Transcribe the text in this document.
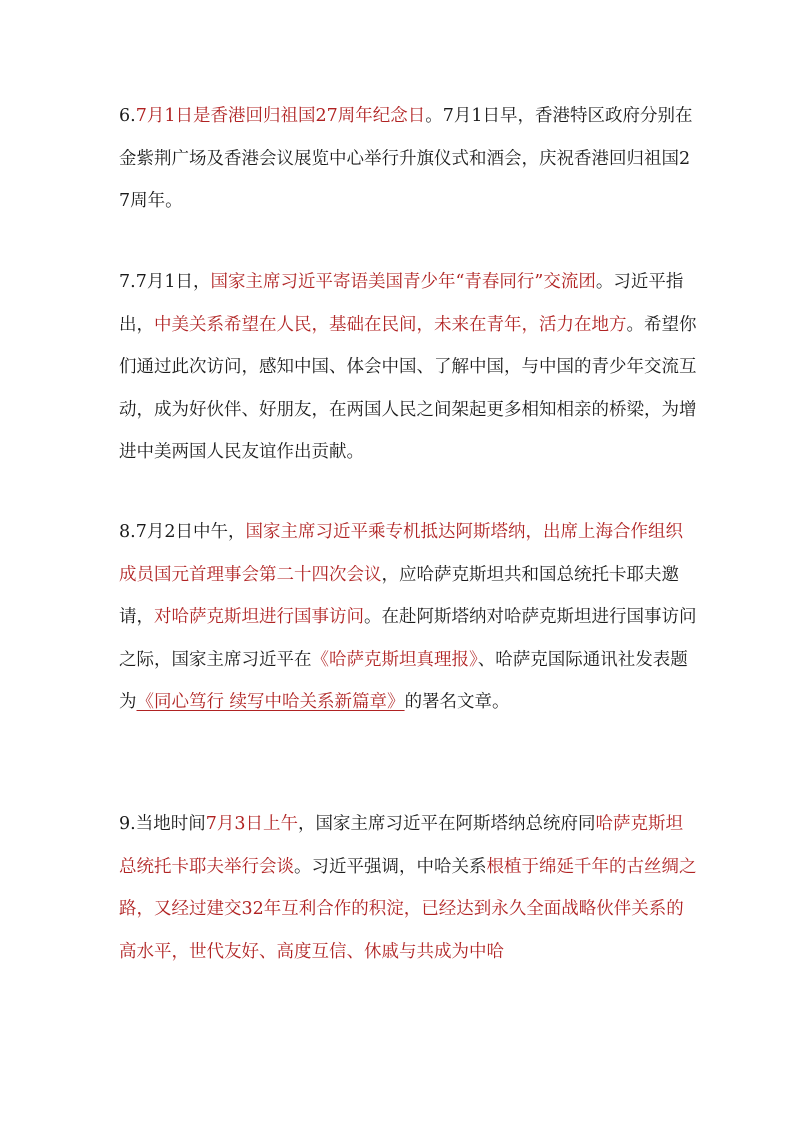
6.7月1日是香港回归祖国27周年纪念日。7月1日早，香港特区政府分别在金紫荆广场及香港会议展览中心举行升旗仪式和酒会，庆祝香港回归祖国27周年。
7.7月1日，国家主席习近平寄语美国青少年“青春同行”交流团。习近平指出，中美关系希望在人民，基础在民间，未来在青年，活力在地方。希望你们通过此次访问，感知中国、体会中国、了解中国，与中国的青少年交流互动，成为好伙伴、好朋友，在两国人民之间架起更多相知相亲的桥梁，为增进中美两国人民友谊作出贡献。
8.7月2日中午，国家主席习近平乘专机抵达阿斯塔纳，出席上海合作组织成员国元首理事会第二十四次会议，应哈萨克斯坦共和国总统托卡耶夫邀请，对哈萨克斯坦进行国事访问。在赴阿斯塔纳对哈萨克斯坦进行国事访问之际，国家主席习近平在《哈萨克斯坦真理报》、哈萨克国际通讯社发表题为《同心笃行 续写中哈关系新篇章》的署名文章。
9.当地时间7月3日上午，国家主席习近平在阿斯塔纳总统府同哈萨克斯坦总统托卡耶夫举行会谈。习近平强调，中哈关系根植于绵延千年的古丝绸之路，又经过建交32年互利合作的积淀，已经达到永久全面战略伙伴关系的高水平，世代友好、高度互信、休戚与共成为中哈
